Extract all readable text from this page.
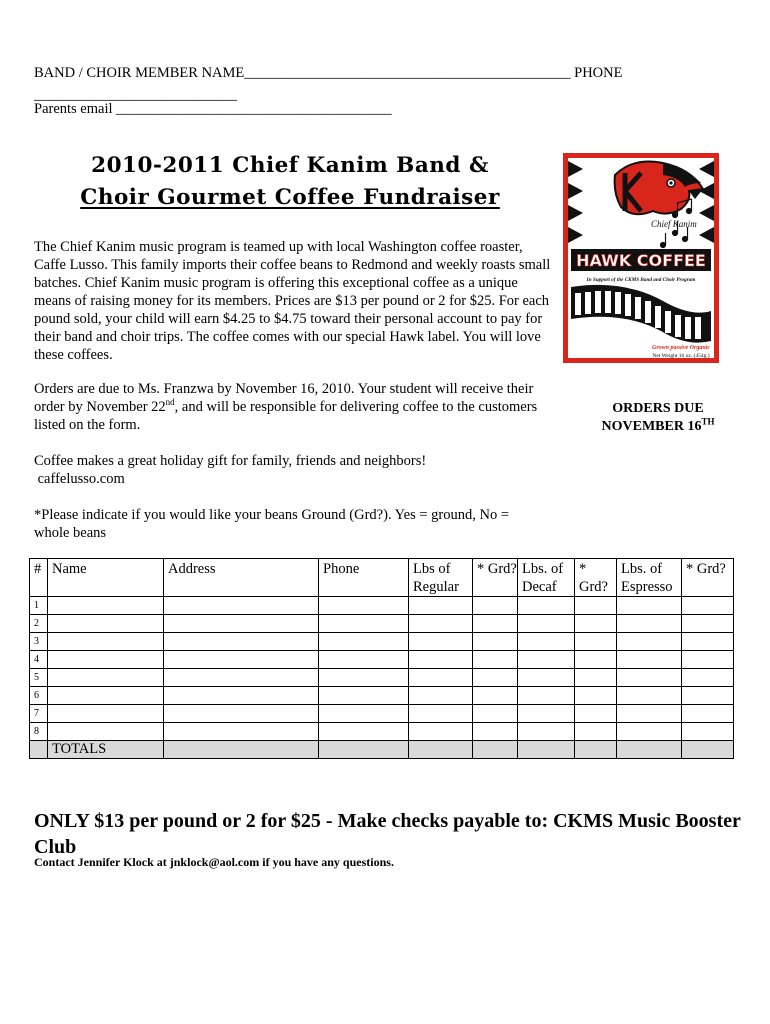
BAND / CHOIR MEMBER NAME_____________________________________________ PHONE
____________________________
Parents email ______________________________________
2010-2011 Chief Kanim Band &
Choir Gourmet Coffee Fundraiser
The Chief Kanim music program is teamed up with local Washington coffee roaster, Caffe Lusso. This family imports their coffee beans to Redmond and weekly roasts small batches. Chief Kanim music program is offering this exceptional coffee as a unique means of raising money for its members. Prices are $13 per pound or 2 for $25. For each pound sold, your child will earn $4.25 to $4.75 toward their personal account to pay for their band and choir trips. The coffee comes with our special Hawk label. You will love these coffees.
Orders are due to Ms. Franzwa by November 16, 2010. Your student will receive their order by November 22nd, and will be responsible for delivering coffee to the customers listed on the form.
Coffee makes a great holiday gift for family, friends and neighbors!
caffelusso.com
*Please indicate if you would like your beans Ground (Grd?). Yes = ground, No = whole beans
ORDERS DUE
NOVEMBER 16TH
Chief Kanim
HAWK COFFEE
In Support of the CKMS Band and Choir Program
Grown passive Organic
Net Weight 16 oz. (454g.)
#	Name	Address	Phone	Lbs of Regular	* Grd?	Lbs. of Decaf	* Grd?	Lbs. of Espresso	* Grd?
1									
2									
3									
4									
5									
6									
7									
8									
	TOTALS								
ONLY $13 per pound or 2 for $25 - Make checks payable to: CKMS Music Booster Club
Contact Jennifer Klock at jnklock@aol.com if you have any questions.
